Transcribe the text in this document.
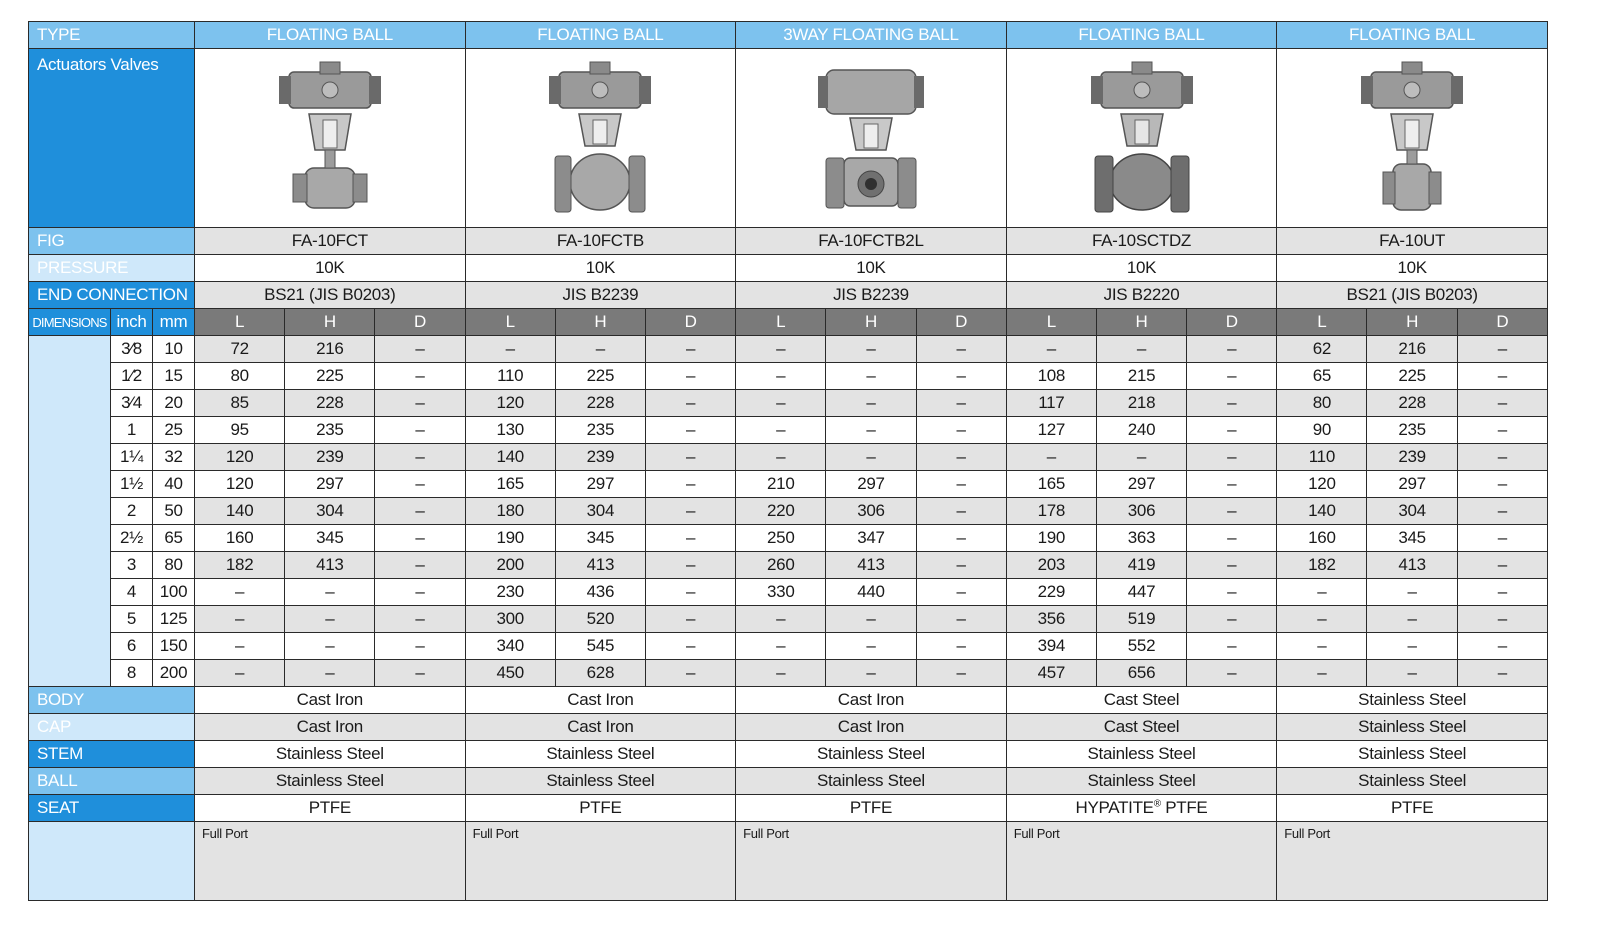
TYPE			FLOATING BALL			FLOATING BALL			3WAY FLOATING BALL			FLOATING BALL			FLOATING BALL		
Actuators Valves	

FIG			FA-10FCT			FA-10FCTB			FA-10FCTB2L			FA-10SCTDZ			FA-10UT		
PRESSURE			10K			10K			10K			10K			10K		
END CONNECTION			BS21 (JIS B0203)			JIS B2239			JIS B2239			JIS B2220			BS21 (JIS B0203)		
DIMENSIONS	inch	mm	L	H	D	L	H	D	L	H	D	L	H	D	L	H	D
	3⁄8	10	72	216	–	–	–	–	–	–	–	–	–	–	62	216	–
	1⁄2	15	80	225	–	110	225	–	–	–	–	108	215	–	65	225	–
	3⁄4	20	85	228	–	120	228	–	–	–	–	117	218	–	80	228	–
	1	25	95	235	–	130	235	–	–	–	–	127	240	–	90	235	–
	1¼	32	120	239	–	140	239	–	–	–	–	–	–	–	110	239	–
	1½	40	120	297	–	165	297	–	210	297	–	165	297	–	120	297	–
	2	50	140	304	–	180	304	–	220	306	–	178	306	–	140	304	–
	2½	65	160	345	–	190	345	–	250	347	–	190	363	–	160	345	–
	3	80	182	413	–	200	413	–	260	413	–	203	419	–	182	413	–
	4	100	–	–	–	230	436	–	330	440	–	229	447	–	–	–	–
	5	125	–	–	–	300	520	–	–	–	–	356	519	–	–	–	–
	6	150	–	–	–	340	545	–	–	–	–	394	552	–	–	–	–
	8	200	–	–	–	450	628	–	–	–	–	457	656	–	–	–	–
BODY			Cast Iron			Cast Iron			Cast Iron			Cast Steel			Stainless Steel		
CAP			Cast Iron			Cast Iron			Cast Iron			Cast Steel			Stainless Steel		
STEM			Stainless Steel			Stainless Steel			Stainless Steel			Stainless Steel			Stainless Steel		
BALL			Stainless Steel			Stainless Steel			Stainless Steel			Stainless Steel			Stainless Steel		
SEAT			PTFE			PTFE			PTFE			HYPATITE® PTFE			PTFE		
			Full Port			Full Port			Full Port			Full Port			Full Port		
